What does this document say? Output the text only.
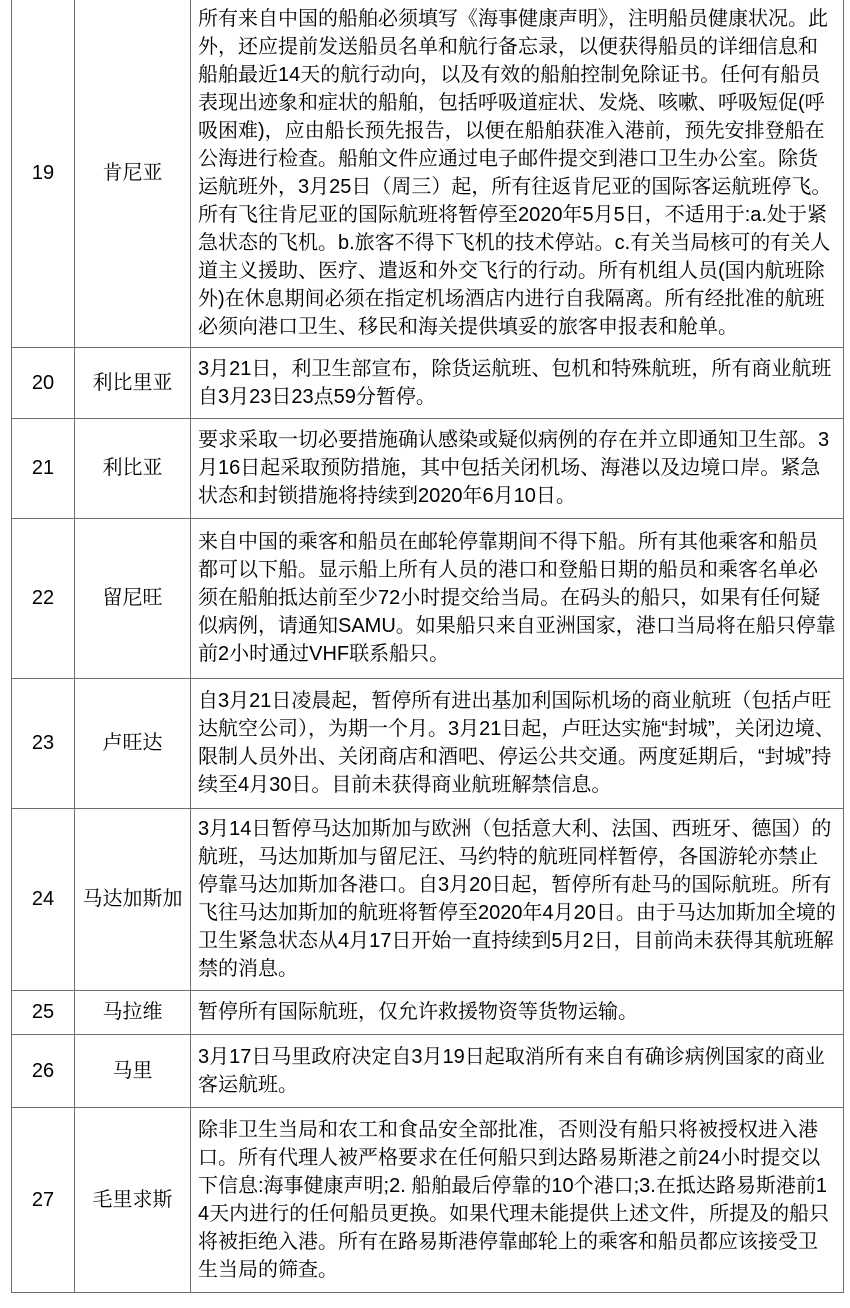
19	肯尼亚	所有来自中国的船舶必须填写《海事健康声明》，注明船员健康状况。此外，还应提前发送船员名单和航行备忘录，以便获得船员的详细信息和船舶最近14天的航行动向，以及有效的船舶控制免除证书。任何有船员表现出迹象和症状的船舶，包括呼吸道症状、发烧、咳嗽、呼吸短促(呼吸困难)，应由船长预先报告，以便在船舶获准入港前，预先安排登船在公海进行检查。船舶文件应通过电子邮件提交到港口卫生办公室。除货运航班外，3月25日（周三）起，所有往返肯尼亚的国际客运航班停飞。所有飞往肯尼亚的国际航班将暂停至2020年5月5日，不适用于:a.处于紧急状态的飞机。b.旅客不得下飞机的技术停站。c.有关当局核可的有关人道主义援助、医疗、遣返和外交飞行的行动。所有机组人员(国内航班除外)在休息期间必须在指定机场酒店内进行自我隔离。所有经批准的航班必须向港口卫生、移民和海关提供填妥的旅客申报表和舱单。
20	利比里亚	3月21日，利卫生部宣布，除货运航班、包机和特殊航班，所有商业航班自3月23日23点59分暂停。
21	利比亚	要求采取一切必要措施确认感染或疑似病例的存在并立即通知卫生部。3月16日起采取预防措施，其中包括关闭机场、海港以及边境口岸。紧急状态和封锁措施将持续到2020年6月10日。
22	留尼旺	来自中国的乘客和船员在邮轮停靠期间不得下船。所有其他乘客和船员都可以下船。显示船上所有人员的港口和登船日期的船员和乘客名单必须在船舶抵达前至少72小时提交给当局。在码头的船只，如果有任何疑似病例，请通知SAMU。如果船只来自亚洲国家，港口当局将在船只停靠前2小时通过VHF联系船只。
23	卢旺达	自3月21日凌晨起，暂停所有进出基加利国际机场的商业航班（包括卢旺达航空公司），为期一个月。3月21日起，卢旺达实施“封城”，关闭边境、限制人员外出、关闭商店和酒吧、停运公共交通。两度延期后，“封城”持续至4月30日。目前未获得商业航班解禁信息。
24	马达加斯加	3月14日暂停马达加斯加与欧洲（包括意大利、法国、西班牙、德国）的航班，马达加斯加与留尼汪、马约特的航班同样暂停，各国游轮亦禁止停靠马达加斯加各港口。自3月20日起，暂停所有赴马的国际航班。所有飞往马达加斯加的航班将暂停至2020年4月20日。由于马达加斯加全境的卫生紧急状态从4月17日开始一直持续到5月2日，目前尚未获得其航班解禁的消息。
25	马拉维	暂停所有国际航班，仅允许救援物资等货物运输。
26	马里	3月17日马里政府决定自3月19日起取消所有来自有确诊病例国家的商业客运航班。
27	毛里求斯	除非卫生当局和农工和食品安全部批准，否则没有船只将被授权进入港口。所有代理人被严格要求在任何船只到达路易斯港之前24小时提交以下信息:海事健康声明;2. 船舶最后停靠的10个港口;3.在抵达路易斯港前14天内进行的任何船员更换。如果代理未能提供上述文件，所提及的船只将被拒绝入港。所有在路易斯港停靠邮轮上的乘客和船员都应该接受卫生当局的筛查。
